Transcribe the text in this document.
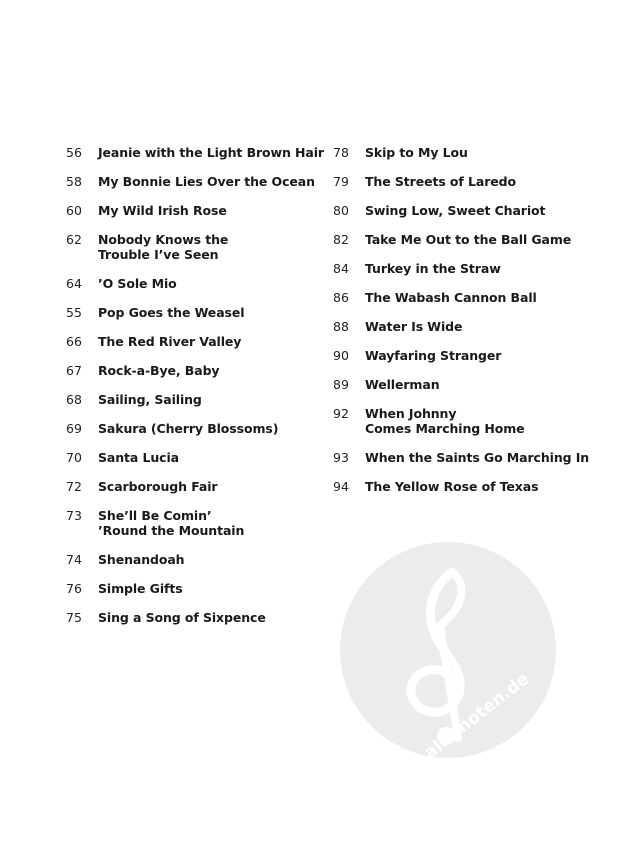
56	Jeanie with the Light Brown Hair
58	My Bonnie Lies Over the Ocean
60	My Wild Irish Rose
62	Nobody Knows the
Trouble I’ve Seen
64	’O Sole Mio
55	Pop Goes the Weasel
66	The Red River Valley
67	Rock-a-Bye, Baby
68	Sailing, Sailing
69	Sakura (Cherry Blossoms)
70	Santa Lucia
72	Scarborough Fair
73	She’ll Be Comin’
’Round the Mountain
74	Shenandoah
76	Simple Gifts
75	Sing a Song of Sixpence
78	Skip to My Lou
79	The Streets of Laredo
80	Swing Low, Sweet Chariot
82	Take Me Out to the Ball Game
84	Turkey in the Straw
86	The Wabash Cannon Ball
88	Water Is Wide
90	Wayfaring Stranger
89	Wellerman
92	When Johnny
Comes Marching Home
93	When the Saints Go Marching In
94	The Yellow Rose of Texas
alle-noten.de
